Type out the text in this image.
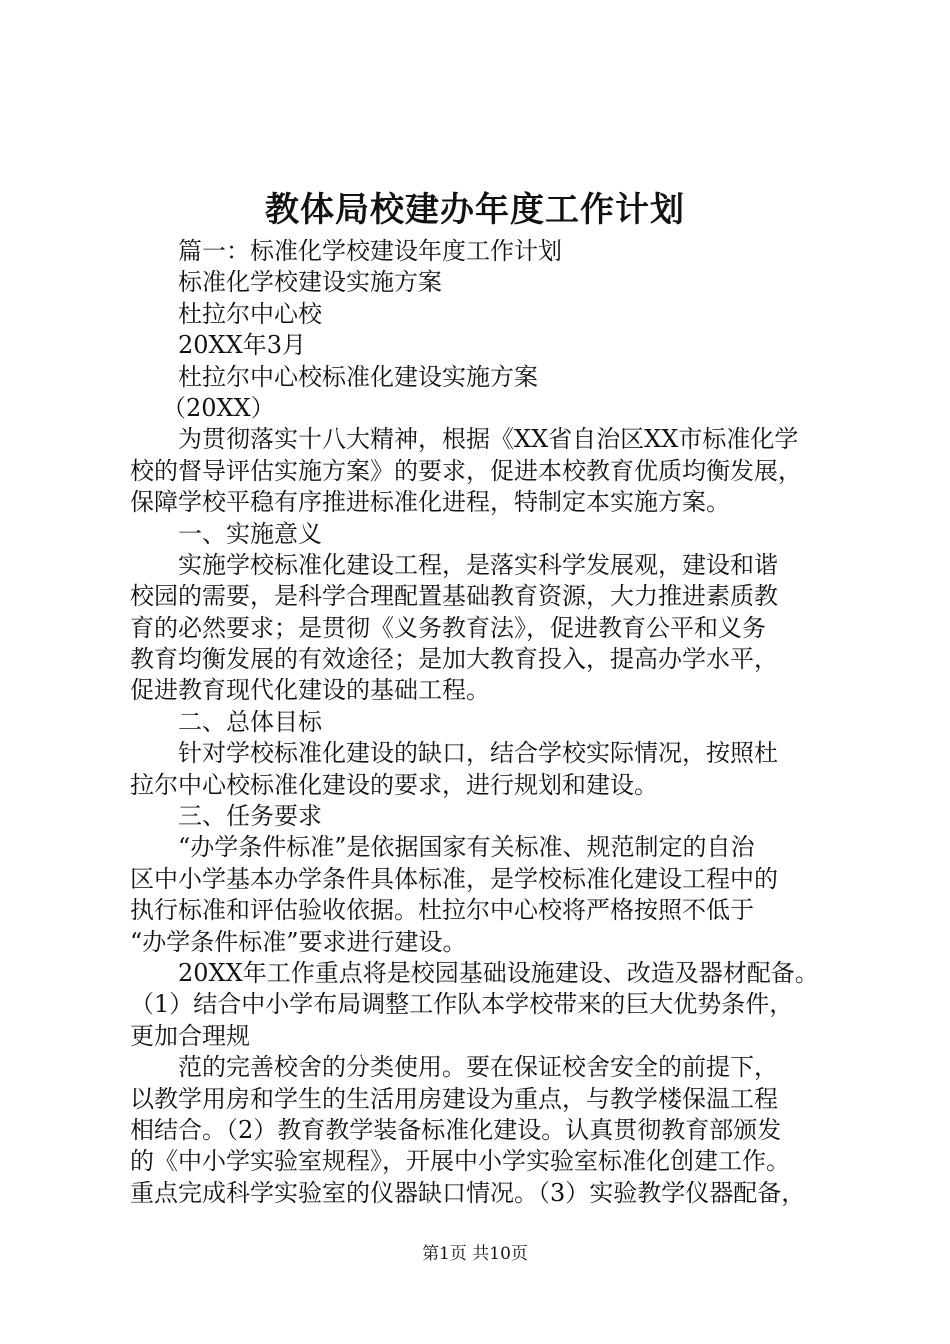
教体局校建办年度工作计划
篇一：标准化学校建设年度工作计划
标准化学校建设实施方案
杜拉尔中心校
20XX年3月
杜拉尔中心校标准化建设实施方案
（20XX）
为贯彻落实十八大精神，根据《XX省自治区XX市标准化学
校的督导评估实施方案》的要求，促进本校教育优质均衡发展，
保障学校平稳有序推进标准化进程，特制定本实施方案。
一、实施意义
实施学校标准化建设工程，是落实科学发展观，建设和谐
校园的需要，是科学合理配置基础教育资源，大力推进素质教
育的必然要求；是贯彻《义务教育法》，促进教育公平和义务
教育均衡发展的有效途径；是加大教育投入，提高办学水平，
促进教育现代化建设的基础工程。
二、总体目标
针对学校标准化建设的缺口，结合学校实际情况，按照杜
拉尔中心校标准化建设的要求，进行规划和建设。
三、任务要求
“办学条件标准”是依据国家有关标准、规范制定的自治
区中小学基本办学条件具体标准，是学校标准化建设工程中的
执行标准和评估验收依据。杜拉尔中心校将严格按照不低于
“办学条件标准”要求进行建设。
20XX年工作重点将是校园基础设施建设、改造及器材配备。
（1）结合中小学布局调整工作队本学校带来的巨大优势条件，
更加合理规
范的完善校舍的分类使用。要在保证校舍安全的前提下，
以教学用房和学生的生活用房建设为重点，与教学楼保温工程
相结合。（2）教育教学装备标准化建设。认真贯彻教育部颁发
的《中小学实验室规程》，开展中小学实验室标准化创建工作。
重点完成科学实验室的仪器缺口情况。（3）实验教学仪器配备，
第1页 共10页
